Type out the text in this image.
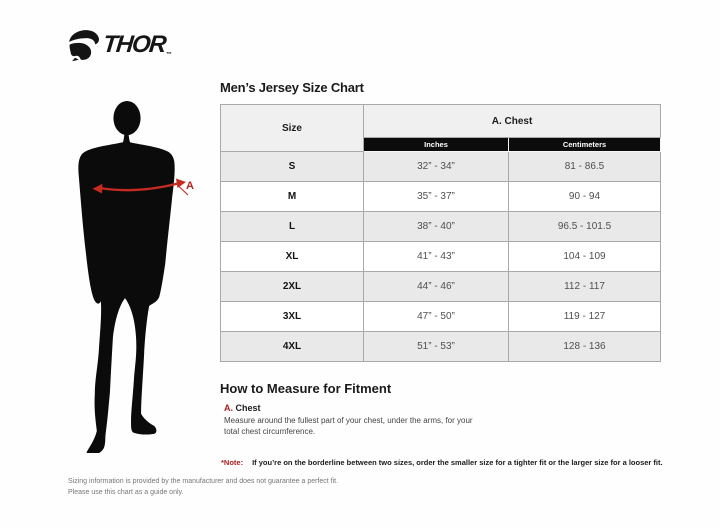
THOR ™
A
Men’s Jersey Size Chart
Size	A. Chest	
	Inches	Centimeters
S	32” - 34”	81 - 86.5
M	35” - 37”	90 - 94
L	38” - 40”	96.5 - 101.5
XL	41” - 43”	104 - 109
2XL	44” - 46”	112 - 117
3XL	47” - 50”	119 - 127
4XL	51” - 53”	128 - 136
How to Measure for Fitment
A. Chest
Measure around the fullest part of your chest, under the arms, for your
total chest circumference.
*Note: If you’re on the borderline between two sizes, order the smaller size for a tighter fit or the larger size for a looser fit.
Sizing information is provided by the manufacturer and does not guarantee a perfect fit.
Please use this chart as a guide only.
